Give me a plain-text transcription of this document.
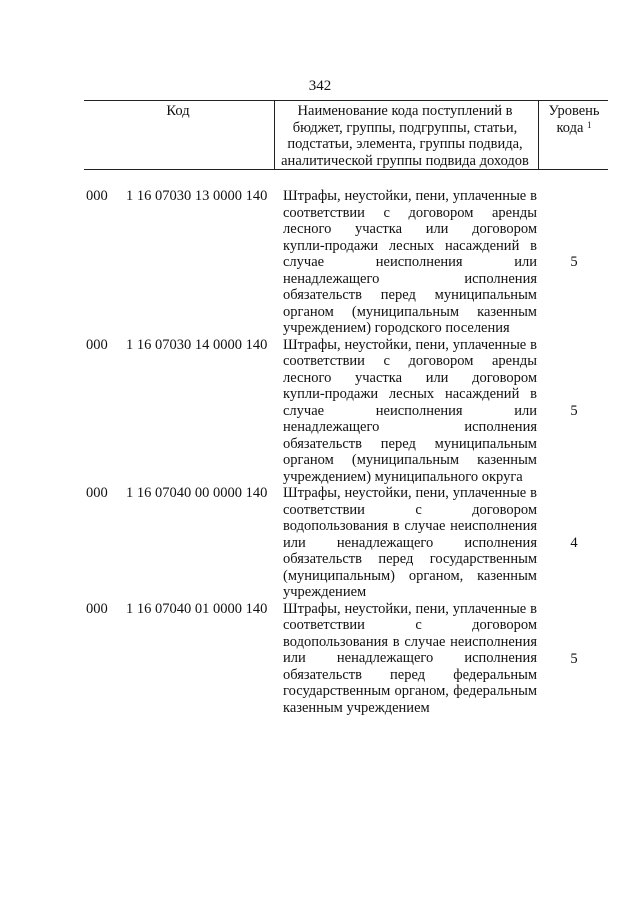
342
Код	Наименование кода поступлений в
бюджет, группы, подгруппы, статьи,
подстатьи, элемента, группы подвида,
аналитической группы подвида доходов
Уровень
кода $^1$
000 1 16 07030 13 0000 140
5
Штрафы, неустойки, пени, уплаченные в
соответствии с договором аренды
лесного участка или договором
купли-продажи лесных насаждений в
случае неисполнения или
ненадлежащего исполнения
обязательств перед муниципальным
органом (муниципальным казенным
учреждением) городского поселения
000 1 16 07030 14 0000 140
5
Штрафы, неустойки, пени, уплаченные в
соответствии с договором аренды
лесного участка или договором
купли-продажи лесных насаждений в
случае неисполнения или
ненадлежащего исполнения
обязательств перед муниципальным
органом (муниципальным казенным
учреждением) муниципального округа
000 1 16 07040 00 0000 140
4
Штрафы, неустойки, пени, уплаченные в
соответствии с договором
водопользования в случае неисполнения
или ненадлежащего исполнения
обязательств перед государственным
(муниципальным) органом, казенным
учреждением
000 1 16 07040 01 0000 140
5
Штрафы, неустойки, пени, уплаченные в
соответствии с договором
водопользования в случае неисполнения
или ненадлежащего исполнения
обязательств перед федеральным
государственным органом, федеральным
казенным учреждением
